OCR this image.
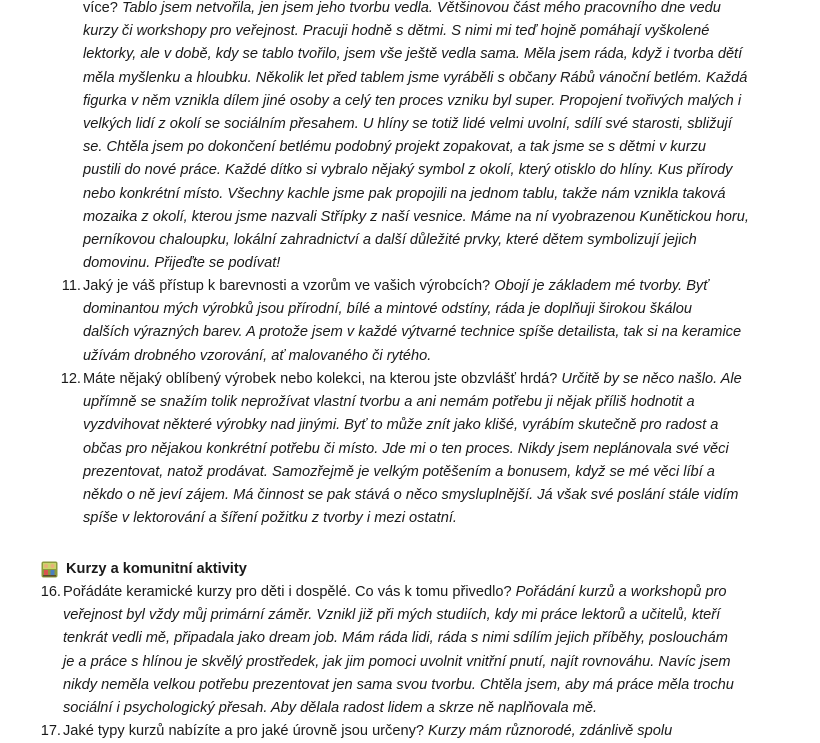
více? Tablo jsem netvořila, jen jsem jeho tvorbu vedla. Většinovou část mého pracovního dne vedu
kurzy či workshopy pro veřejnost. Pracuji hodně s dětmi. S nimi mi teď hojně pomáhají vyškolené
lektorky, ale v době, kdy se tablo tvořilo, jsem vše ještě vedla sama. Měla jsem ráda, když i tvorba dětí
měla myšlenku a hloubku. Několik let před tablem jsme vyráběli s občany Rábů vánoční betlém. Každá
figurka v něm vznikla dílem jiné osoby a celý ten proces vzniku byl super. Propojení tvořivých malých i
velkých lidí z okolí se sociálním přesahem. U hlíny se totiž lidé velmi uvolní, sdílí své starosti, sbližují
se. Chtěla jsem po dokončení betlému podobný projekt zopakovat, a tak jsme se s dětmi v kurzu
pustili do nové práce. Každé dítko si vybralo nějaký symbol z okolí, který otisklo do hlíny. Kus přírody
nebo konkrétní místo. Všechny kachle jsme pak propojili na jednom tablu, takže nám vznikla taková
mozaika z okolí, kterou jsme nazvali Střípky z naší vesnice. Máme na ní vyobrazenou Kunětickou horu,
perníkovou chaloupku, lokální zahradnictví a další důležité prvky, které dětem symbolizují jejich
domovinu. Přijeďte se podívat!
11. Jaký je váš přístup k barevnosti a vzorům ve vašich výrobcích? Obojí je základem mé tvorby. Byť
dominantou mých výrobků jsou přírodní, bílé a mintové odstíny, ráda je doplňuji širokou škálou
dalších výrazných barev. A protože jsem v každé výtvarné technice spíše detailista, tak si na keramice
užívám drobného vzorování, ať malovaného či rytého.
12. Máte nějaký oblíbený výrobek nebo kolekci, na kterou jste obzvlášť hrdá? Určitě by se něco našlo. Ale
upřímně se snažím tolik neprožívat vlastní tvorbu a ani nemám potřebu ji nějak příliš hodnotit a
vyzdvihovat některé výrobky nad jinými. Byť to může znít jako klišé, vyrábím skutečně pro radost a
občas pro nějakou konkrétní potřebu či místo. Jde mi o ten proces. Nikdy jsem neplánovala své věci
prezentovat, natož prodávat. Samozřejmě je velkým potěšením a bonusem, když se mé věci líbí a
někdo o ně jeví zájem. Má činnost se pak stává o něco smysluplnější. Já však své poslání stále vidím
spíše v lektorování a šíření požitku z tvorby i mezi ostatní.
Kurzy a komunitní aktivity
16. Pořádáte keramické kurzy pro děti i dospělé. Co vás k tomu přivedlo? Pořádání kurzů a workshopů pro
veřejnost byl vždy můj primární záměr. Vznikl již při mých studiích, kdy mi práce lektorů a učitelů, kteří
tenkrát vedli mě, připadala jako dream job. Mám ráda lidi, ráda s nimi sdílím jejich příběhy, poslouchám
je a práce s hlínou je skvělý prostředek, jak jim pomoci uvolnit vnitřní pnutí, najít rovnováhu. Navíc jsem
nikdy neměla velkou potřebu prezentovat jen sama svou tvorbu. Chtěla jsem, aby má práce měla trochu
sociální i psychologický přesah. Aby dělala radost lidem a skrze ně naplňovala mě.
17. Jaké typy kurzů nabízíte a pro jaké úrovně jsou určeny? Kurzy mám různorodé, zdánlivě spolu
